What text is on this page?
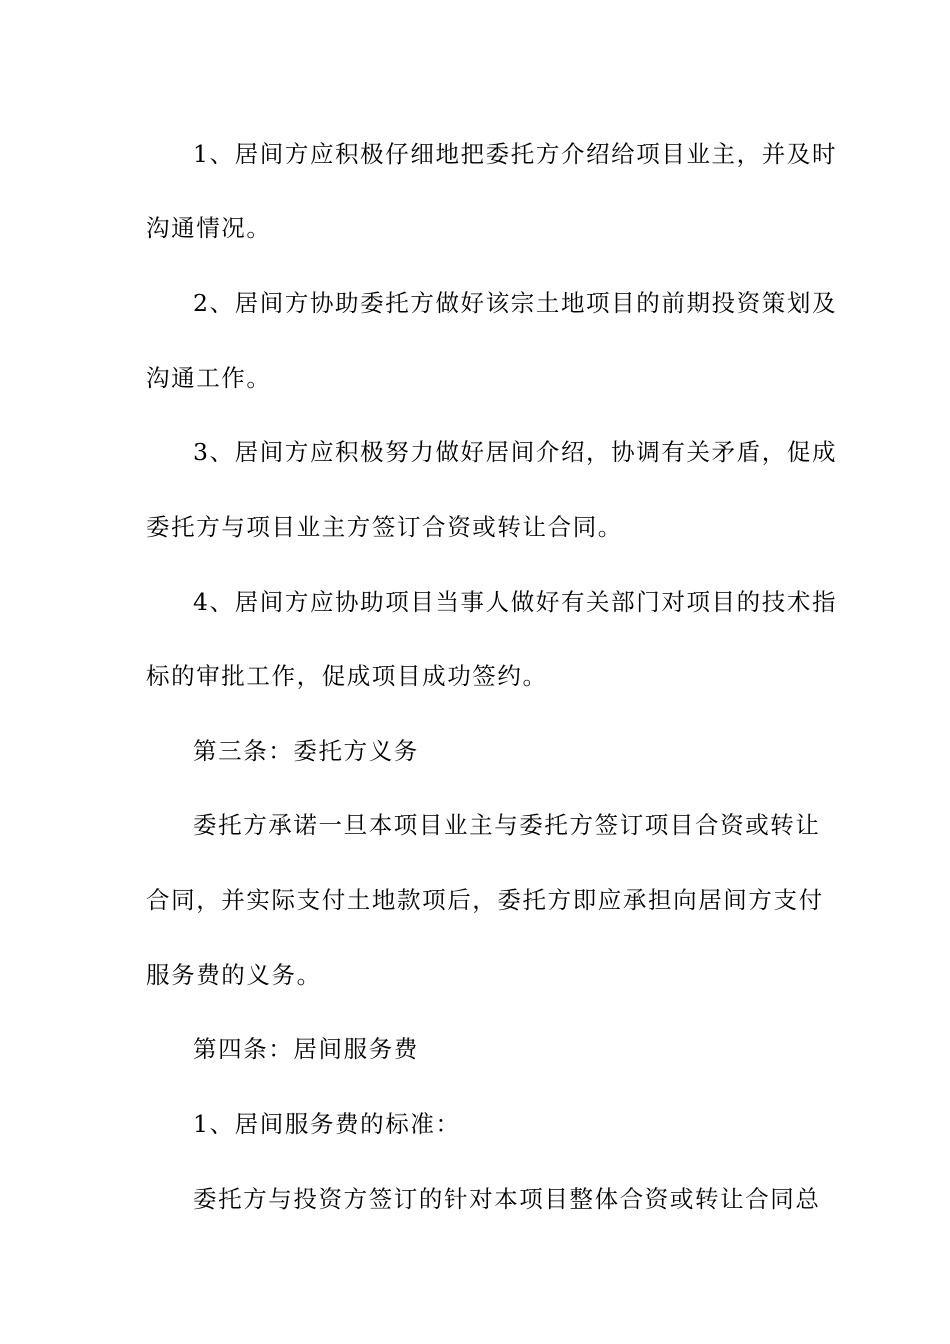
1、居间方应积极仔细地把委托方介绍给项目业主，并及时
沟通情况。
2、居间方协助委托方做好该宗土地项目的前期投资策划及
沟通工作。
3、居间方应积极努力做好居间介绍，协调有关矛盾，促成
委托方与项目业主方签订合资或转让合同。
4、居间方应协助项目当事人做好有关部门对项目的技术指
标的审批工作，促成项目成功签约。
第三条：委托方义务
委托方承诺一旦本项目业主与委托方签订项目合资或转让
合同，并实际支付土地款项后，委托方即应承担向居间方支付
服务费的义务。
第四条：居间服务费
1、居间服务费的标准：
委托方与投资方签订的针对本项目整体合资或转让合同总
